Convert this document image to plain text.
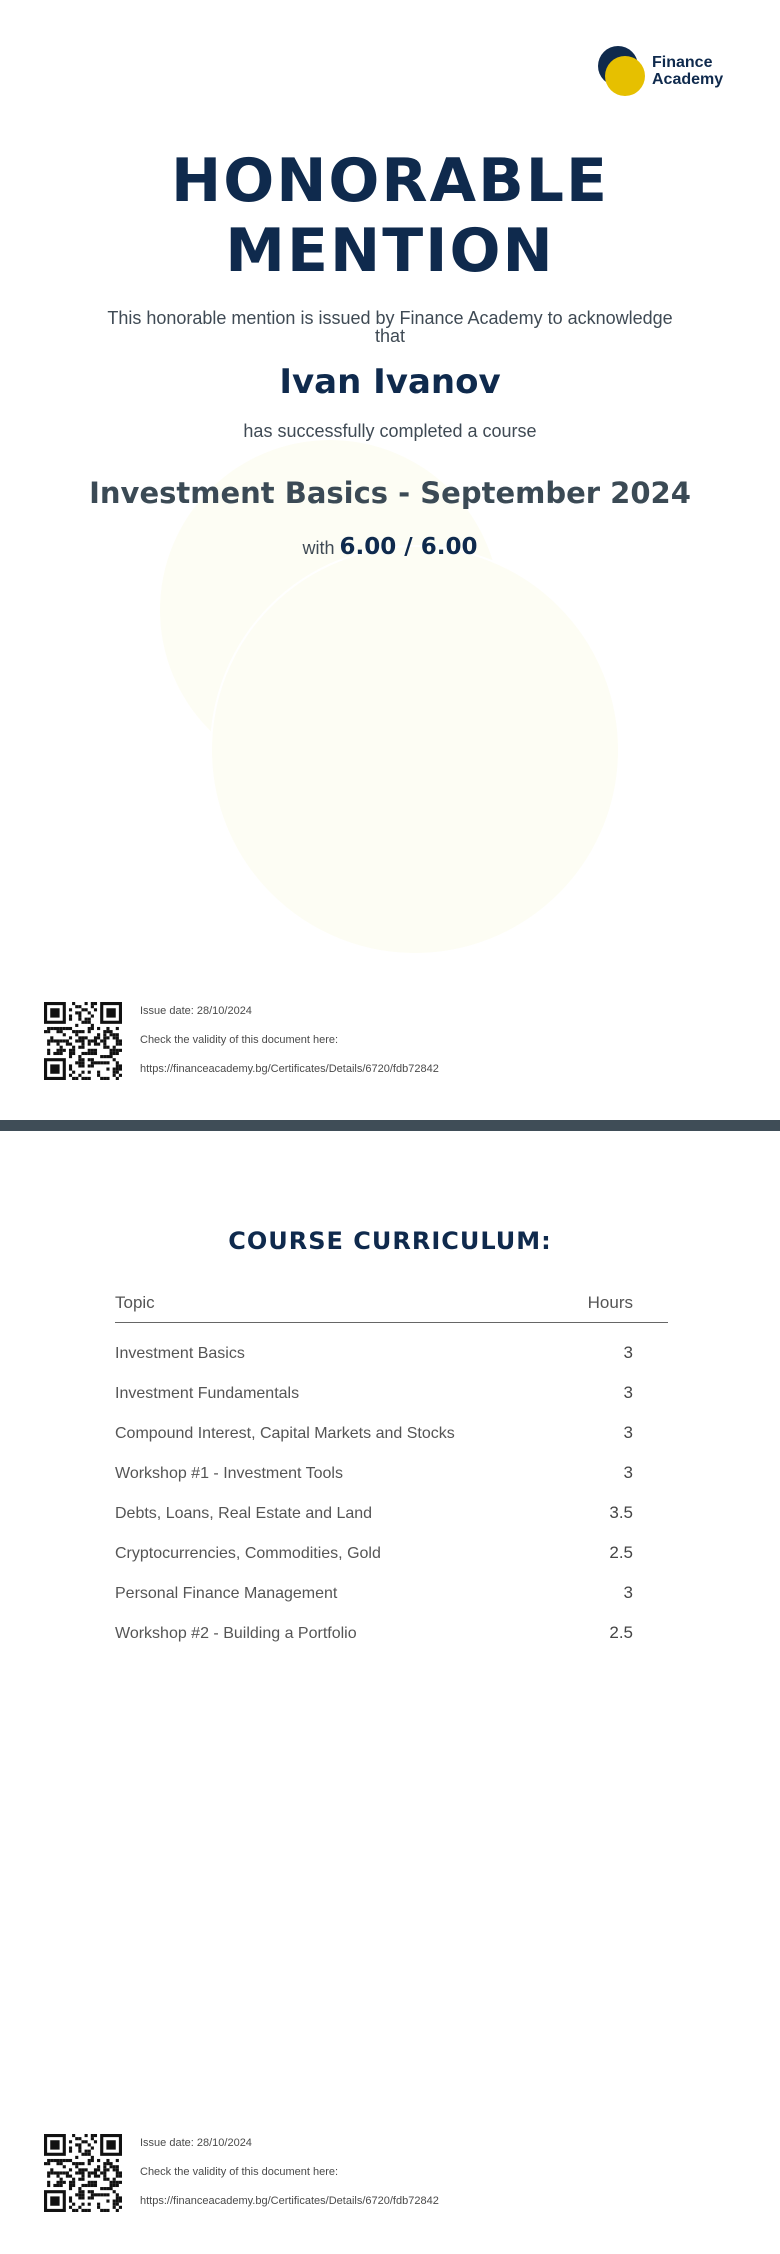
Finance
Academy
HONORABLE
MENTION
This honorable mention is issued by Finance Academy to acknowledge that
Ivan Ivanov
has successfully completed a course
Investment Basics - September 2024
with 6.00 / 6.00
Issue date: 28/10/2024
Check the validity of this document here:
https://financeacademy.bg/Certificates/Details/6720/fdb72842
COURSE CURRICULUM:
Topic	Hours
Investment Basics	3
Investment Fundamentals	3
Compound Interest, Capital Markets and Stocks	3
Workshop #1 - Investment Tools	3
Debts, Loans, Real Estate and Land	3.5
Cryptocurrencies, Commodities, Gold	2.5
Personal Finance Management	3
Workshop #2 - Building a Portfolio	2.5
Issue date: 28/10/2024
Check the validity of this document here:
https://financeacademy.bg/Certificates/Details/6720/fdb72842
